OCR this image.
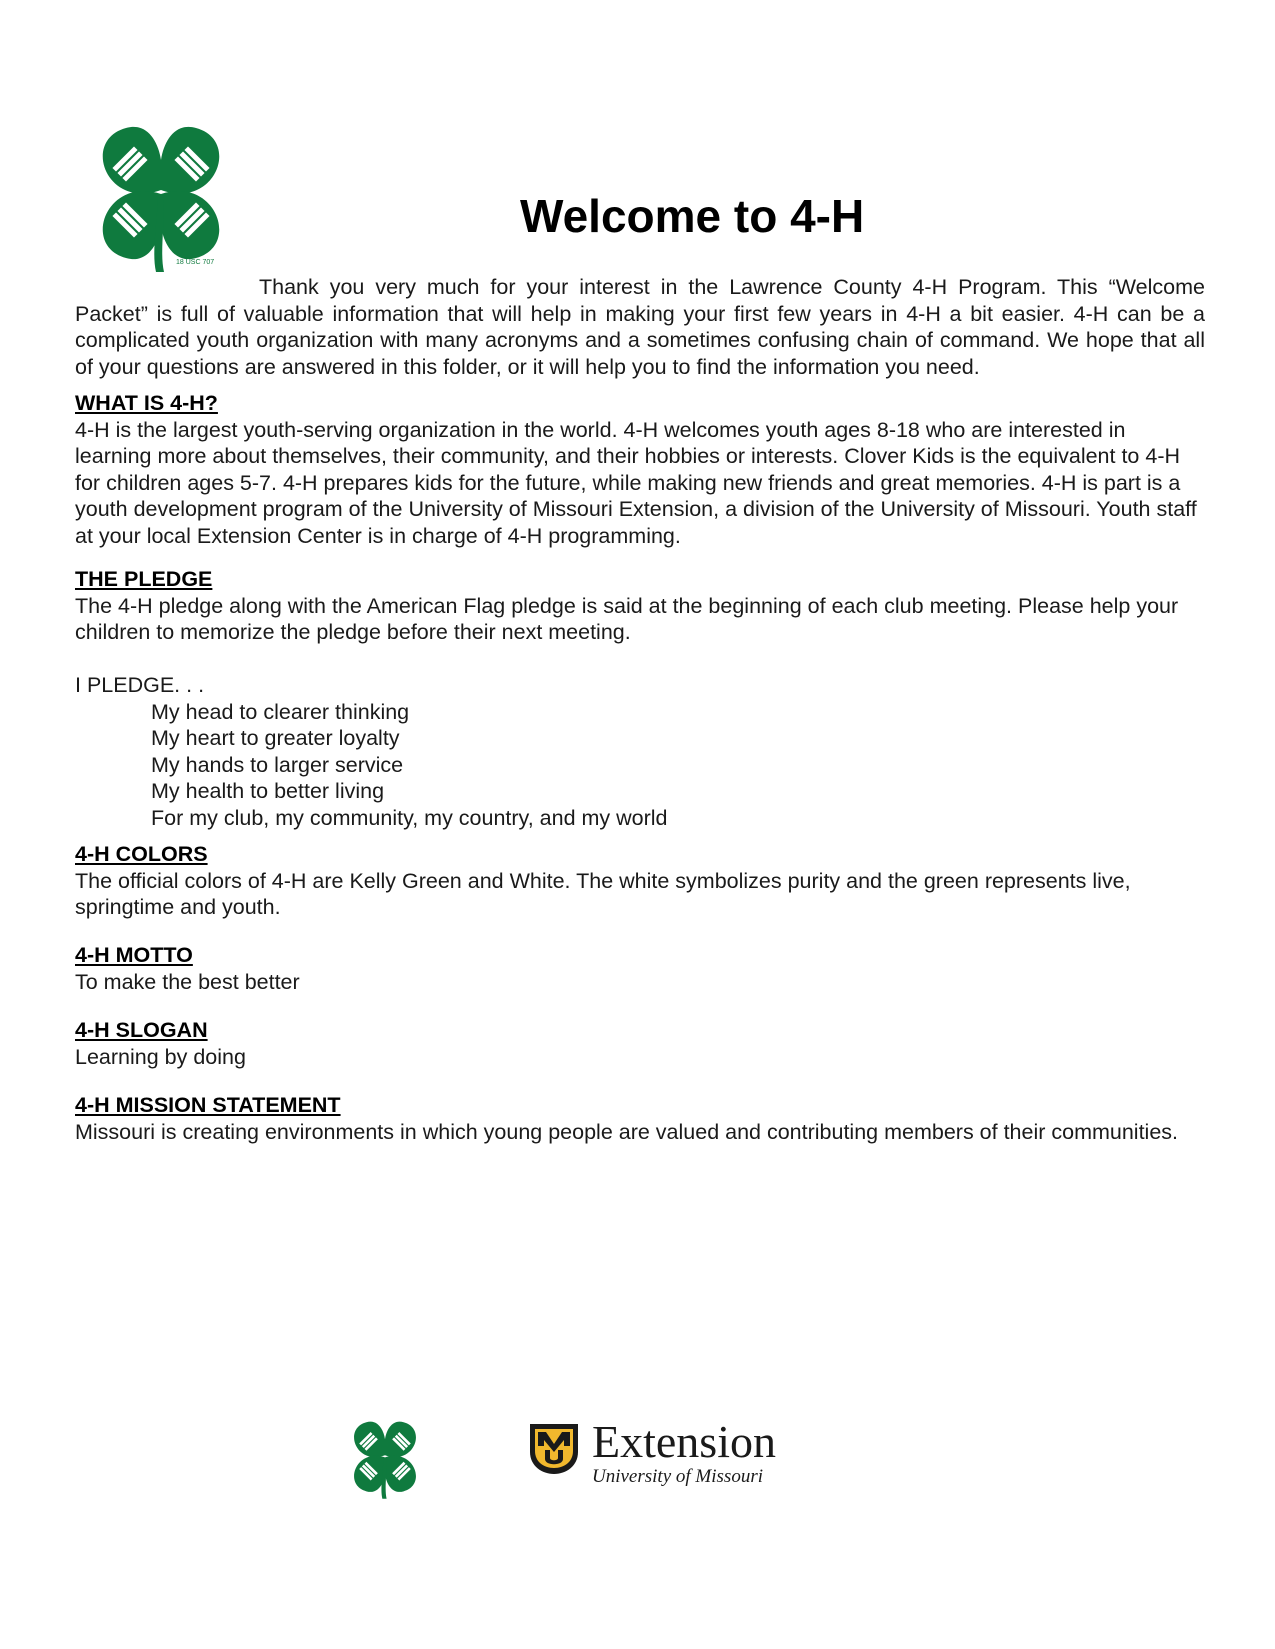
18 USC 707
Welcome to 4-H

Thank you very much for your interest in the Lawrence County 4-H Program. This “Welcome Packet” is full of valuable information that will help in making your first few years in 4-H a bit easier. 4-H can be a complicated youth organization with many acronyms and a sometimes confusing chain of command. We hope that all of your questions are answered in this folder, or it will help you to find the information you need.

WHAT IS 4-H?

4-H is the largest youth-serving organization in the world. 4-H welcomes youth ages 8-18 who are interested in learning more about themselves, their community, and their hobbies or interests. Clover Kids is the equivalent to 4-H for children ages 5-7. 4-H prepares kids for the future, while making new friends and great memories. 4-H is part is a youth development program of the University of Missouri Extension, a division of the University of Missouri. Youth staff at your local Extension Center is in charge of 4-H programming.

THE PLEDGE

The 4-H pledge along with the American Flag pledge is said at the beginning of each club meeting. Please help your children to memorize the pledge before their next meeting.

I PLEDGE. . .

My head to clearer thinking
My heart to greater loyalty
My hands to larger service
My health to better living
For my club, my community, my country, and my world
4-H COLORS

The official colors of 4-H are Kelly Green and White. The white symbolizes purity and the green represents live, springtime and youth.

4-H MOTTO

To make the best better

4-H SLOGAN

Learning by doing

4-H MISSION STATEMENT

Missouri is creating environments in which young people are valued and contributing members of their communities.

Extension

University of Missouri
